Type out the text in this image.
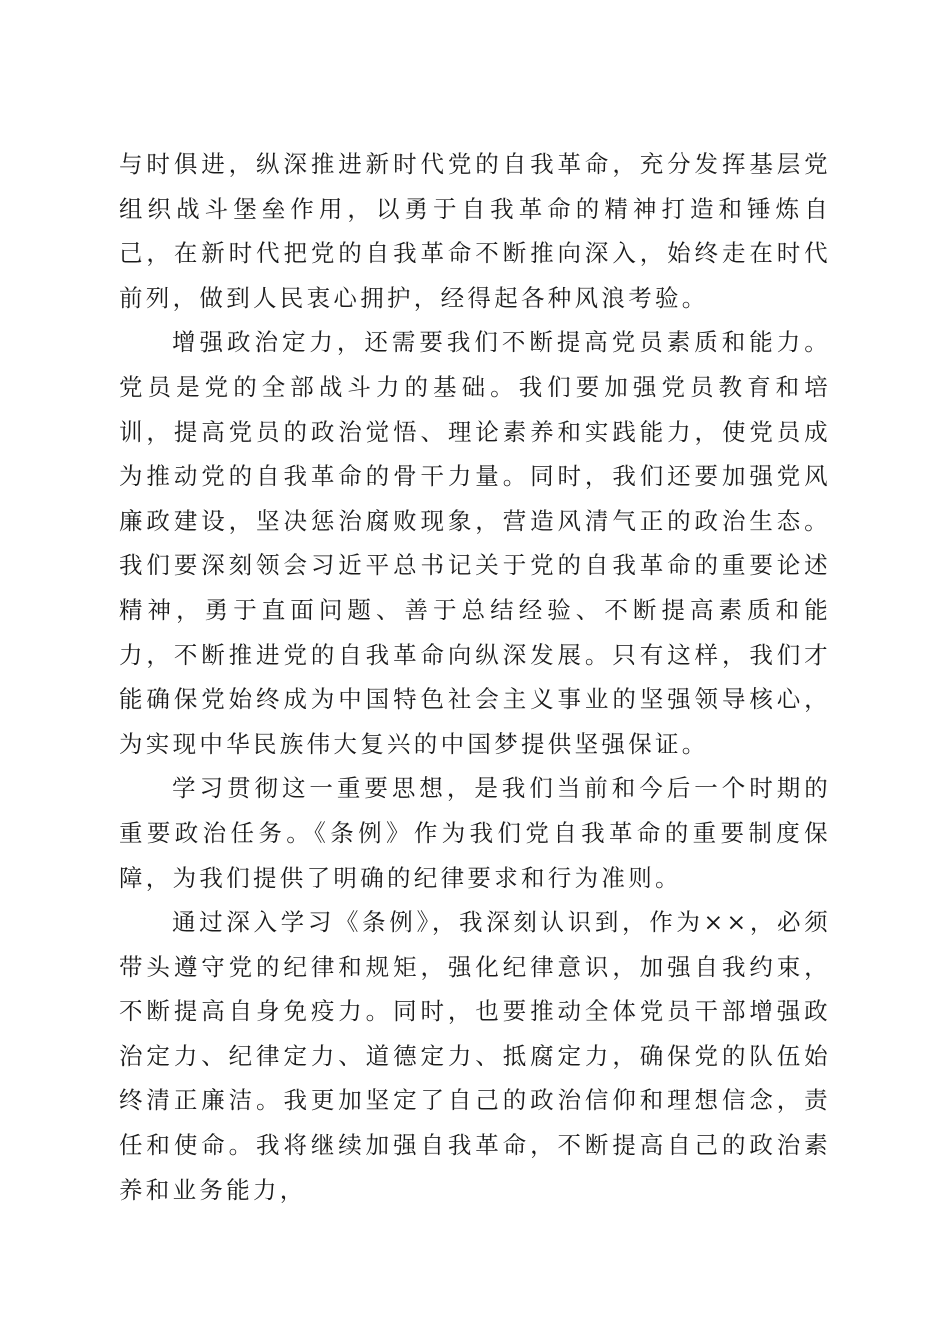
与时俱进，纵深推进新时代党的自我革命，充分发挥基层党组织战斗堡垒作用，以勇于自我革命的精神打造和锤炼自己，在新时代把党的自我革命不断推向深入，始终走在时代前列，做到人民衷心拥护，经得起各种风浪考验。

增强政治定力，还需要我们不断提高党员素质和能力。党员是党的全部战斗力的基础。我们要加强党员教育和培训，提高党员的政治觉悟、理论素养和实践能力，使党员成为推动党的自我革命的骨干力量。同时，我们还要加强党风廉政建设，坚决惩治腐败现象，营造风清气正的政治生态。我们要深刻领会习近平总书记关于党的自我革命的重要论述精神，勇于直面问题、善于总结经验、不断提高素质和能力，不断推进党的自我革命向纵深发展。只有这样，我们才能确保党始终成为中国特色社会主义事业的坚强领导核心，为实现中华民族伟大复兴的中国梦提供坚强保证。

学习贯彻这一重要思想，是我们当前和今后一个时期的重要政治任务。《条例》作为我们党自我革命的重要制度保障，为我们提供了明确的纪律要求和行为准则。

通过深入学习《条例》，我深刻认识到，作为××，必须带头遵守党的纪律和规矩，强化纪律意识，加强自我约束，不断提高自身免疫力。同时，也要推动全体党员干部增强政治定力、纪律定力、道德定力、抵腐定力，确保党的队伍始终清正廉洁。我更加坚定了自己的政治信仰和理想信念，责任和使命。我将继续加强自我革命，不断提高自己的政治素养和业务能力，
